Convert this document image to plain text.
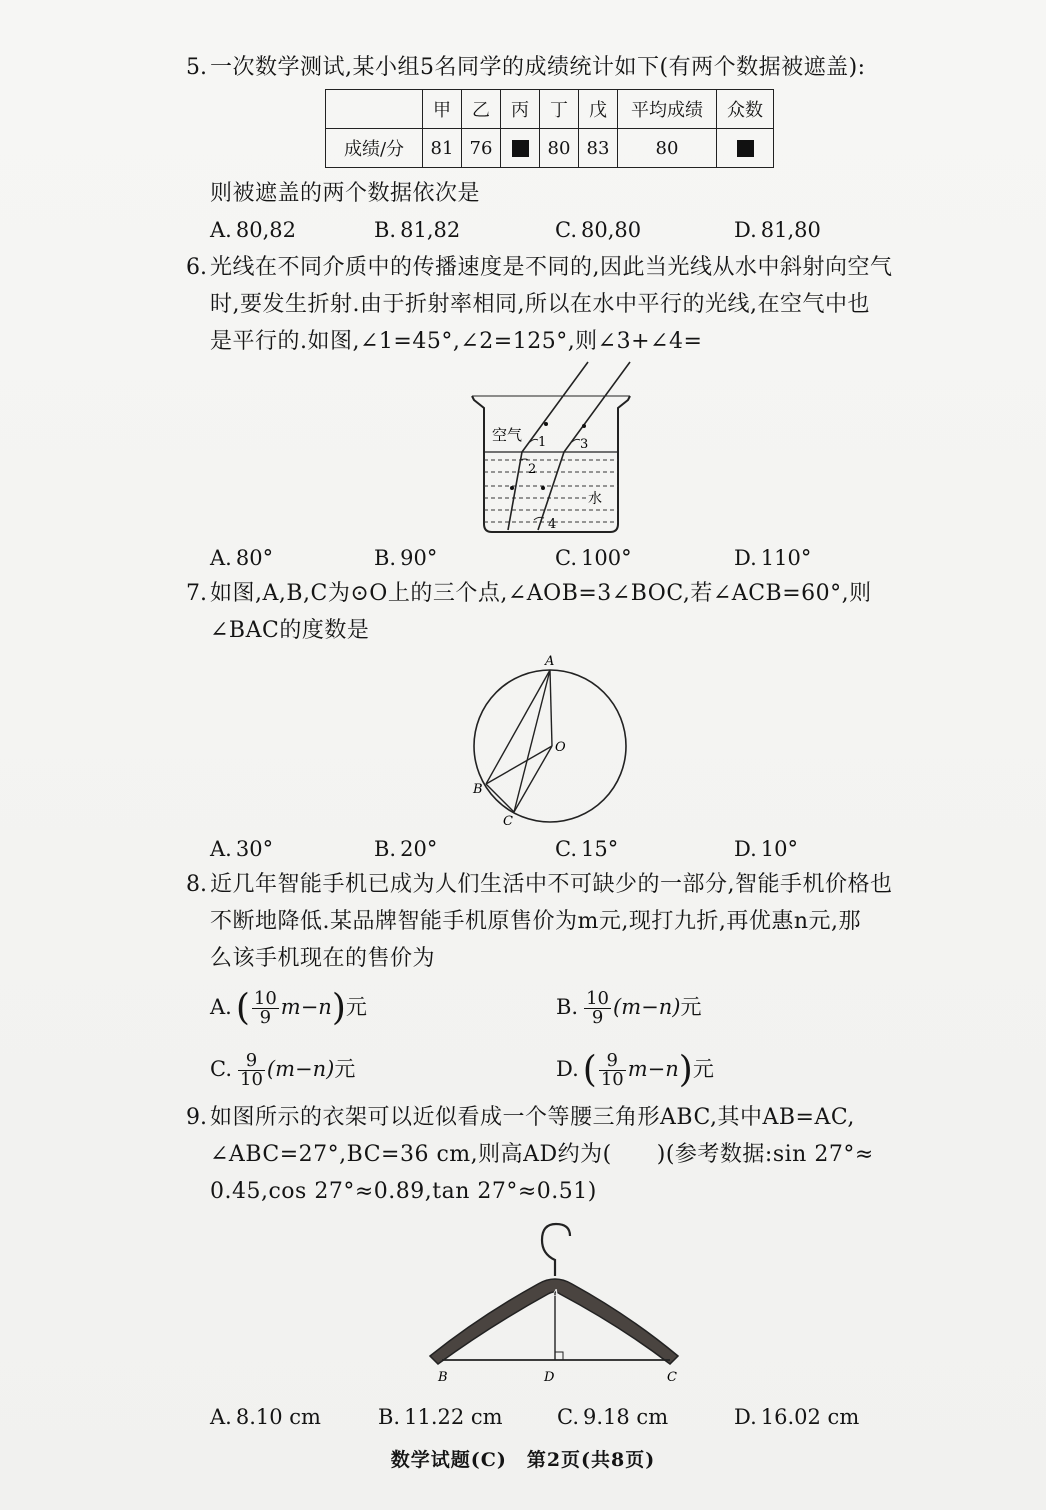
5. 一次数学测试,某小组5名同学的成绩统计如下(有两个数据被遮盖):
	甲	乙	丙	丁	戊	平均成绩	众数
成绩/分	81	76		80	83	80	
则被遮盖的两个数据依次是
A. 80,82	B. 81,82	C. 80,80	D. 81,80
6. 光线在不同介质中的传播速度是不同的,因此当光线从水中斜射向空气
时,要发生折射.由于折射率相同,所以在水中平行的光线,在空气中也
是平行的.如图,∠1=45°,∠2=125°,则∠3+∠4=
空气 1
2
3
4
水
A. 80°	B. 90°	C. 100°	D. 110°
7. 如图,A,B,C为⊙O上的三个点,∠AOB=3∠BOC,若∠ACB=60°,则
∠BAC的度数是
A
O
B
C
A. 30°	B. 20°	C. 15°	D. 10°
8. 近几年智能手机已成为人们生活中不可缺少的一部分,智能手机价格也
不断地降低.某品牌智能手机原售价为m元,现打九折,再优惠n元,那
么该手机现在的售价为
A. ( $\frac{10}{9} m-n$)元	B. $\frac{10}{9} (m-n)$元
C. $\frac{9}{10} (m-n)$元	D. ( $\frac{9}{10} m-n$)元
9. 如图所示的衣架可以近似看成一个等腰三角形ABC,其中AB=AC,
∠ABC=27°,BC=36 cm,则高AD约为(　　)(参考数据:sin 27°≈
0.45,cos 27°≈0.89,tan 27°≈0.51)
A
B	D	C
A. 8.10 cm	B. 11.22 cm	C. 9.18 cm	D. 16.02 cm
数学试题(C)　第2页(共8页)
